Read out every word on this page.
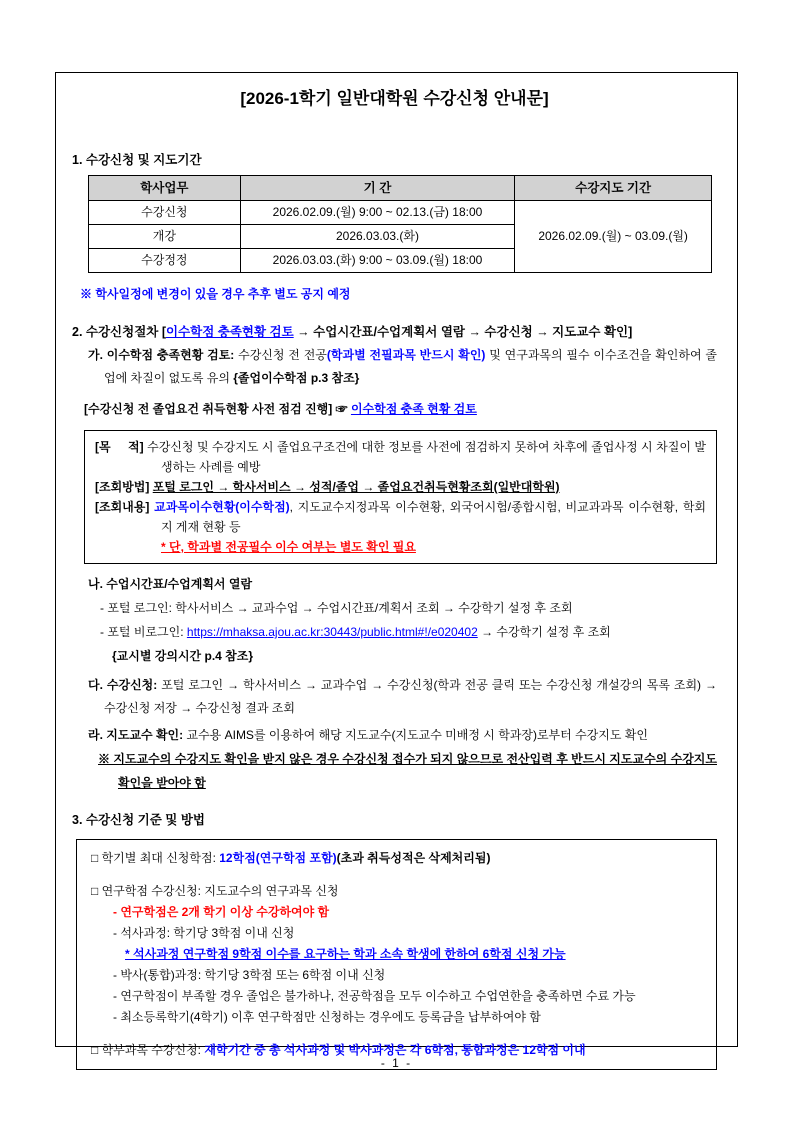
[2026-1학기 일반대학원 수강신청 안내문]

1. 수강신청 및 지도기간

학사업무	기 간	수강지도 기간
수강신청	2026.02.09.(월) 9:00 ~ 02.13.(금) 18:00	2026.02.09.(월) ~ 03.09.(월)
개강	2026.03.03.(화)	
수강정정	2026.03.03.(화) 9:00 ~ 03.09.(월) 18:00	

※ 학사일정에 변경이 있을 경우 추후 별도 공지 예정

2. 수강신청절차 [이수학점 충족현황 검토 → 수업시간표/수업계획서 열람 → 수강신청 → 지도교수 확인]

가. 이수학점 충족현황 검토: 수강신청 전 전공(학과별 전필과목 반드시 확인) 및 연구과목의 필수 이수조건을 확인하여 졸업에 차질이 없도록 유의 {졸업이수학점 p.3 참조}

[수강신청 전 졸업요건 취득현황 사전 점검 진행] ☞ 이수학점 충족 현황 검토

[목     적] 수강신청 및 수강지도 시 졸업요구조건에 대한 정보를 사전에 점검하지 못하여 차후에 졸업사정 시 차질이 발생하는 사례를 예방

[조회방법] 포털 로그인 → 학사서비스 → 성적/졸업 → 졸업요건취득현황조회(일반대학원)

[조회내용] 교과목이수현황(이수학점), 지도교수지정과목 이수현황, 외국어시험/종합시험, 비교과과목 이수현황, 학회지 게재 현황 등

* 단, 학과별 전공필수 이수 여부는 별도 확인 필요

나. 수업시간표/수업계획서 열람

- 포털 로그인: 학사서비스 → 교과수업 → 수업시간표/계획서 조회 → 수강학기 설정 후 조회

- 포털 비로그인: https://mhaksa.ajou.ac.kr:30443/public.html#!/e020402 → 수강학기 설정 후 조회

{교시별 강의시간 p.4 참조}

다. 수강신청: 포털 로그인 → 학사서비스 → 교과수업 → 수강신청(학과 전공 클릭 또는 수강신청 개설강의 목록 조회) → 수강신청 저장 → 수강신청 결과 조회

라. 지도교수 확인: 교수용 AIMS를 이용하여 해당 지도교수(지도교수 미배정 시 학과장)로부터 수강지도 확인

※ 지도교수의 수강지도 확인을 받지 않은 경우 수강신청 접수가 되지 않으므로 전산입력 후 반드시 지도교수의 수강지도 확인을 받아야 함

3. 수강신청 기준 및 방법

□ 학기별 최대 신청학점: 12학점(연구학점 포함)(초과 취득성적은 삭제처리됨)

□ 연구학점 수강신청: 지도교수의 연구과목 신청

- 연구학점은 2개 학기 이상 수강하여야 함

- 석사과정: 학기당 3학점 이내 신청

* 석사과정 연구학점 9학점 이수를 요구하는 학과 소속 학생에 한하여 6학점 신청 가능

- 박사(통합)과정: 학기당 3학점 또는 6학점 이내 신청

- 연구학점이 부족할 경우 졸업은 불가하나, 전공학점을 모두 이수하고 수업연한을 충족하면 수료 가능

- 최소등록학기(4학기) 이후 연구학점만 신청하는 경우에도 등록금을 납부하여야 함

□ 학부과목 수강신청: 재학기간 중 총 석사과정 및 박사과정은 각 6학점, 통합과정은 12학점 이내

- 1 -
